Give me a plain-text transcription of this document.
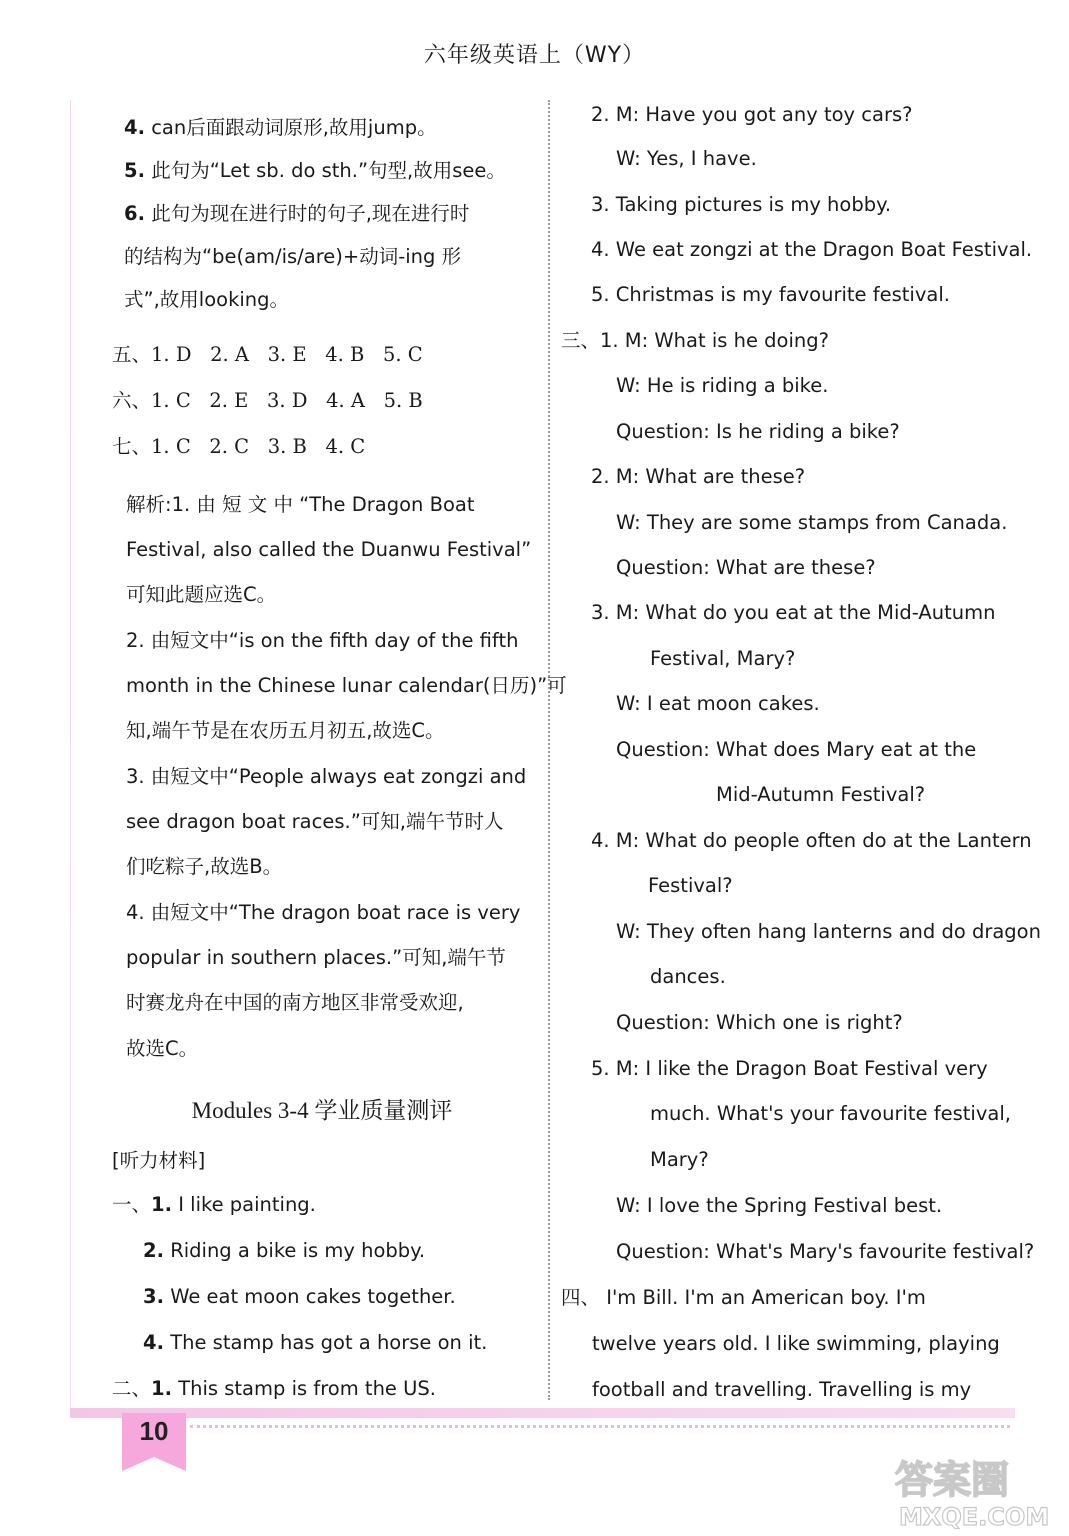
六年级英语上（WY）
4. can后面跟动词原形,故用jump。
5. 此句为“Let sb. do sth.”句型,故用see。
6. 此句为现在进行时的句子,现在进行时
的结构为“be(am/is/are)+动词-ing 形
式”,故用looking。
五、1. D 2. A 3. E 4. B 5. C
六、1. C 2. E 3. D 4. A 5. B
七、1. C 2. C 3. B 4. C
解析:1. 由 短 文 中 “The Dragon Boat
Festival, also called the Duanwu Festival”
可知此题应选C。
2. 由短文中“is on the fifth day of the fifth
month in the Chinese lunar calendar(日历)”可
知,端午节是在农历五月初五,故选C。
3. 由短文中“People always eat zongzi and
see dragon boat races.”可知,端午节时人
们吃粽子,故选B。
4. 由短文中“The dragon boat race is very
popular in southern places.”可知,端午节
时赛龙舟在中国的南方地区非常受欢迎,
故选C。
Modules 3-4 学业质量测评
[听力材料]
一、1. I like painting.
2. Riding a bike is my hobby.
3. We eat moon cakes together.
4. The stamp has got a horse on it.
二、1. This stamp is from the US.
2. M: Have you got any toy cars?
W: Yes, I have.
3. Taking pictures is my hobby.
4. We eat zongzi at the Dragon Boat Festival.
5. Christmas is my favourite festival.
三、1. M: What is he doing?
W: He is riding a bike.
Question: Is he riding a bike?
2. M: What are these?
W: They are some stamps from Canada.
Question: What are these?
3. M: What do you eat at the Mid-Autumn
Festival, Mary?
W: I eat moon cakes.
Question: What does Mary eat at the
Mid-Autumn Festival?
4. M: What do people often do at the Lantern
Festival?
W: They often hang lanterns and do dragon
dances.
Question: Which one is right?
5. M: I like the Dragon Boat Festival very
much. What's your favourite festival,
Mary?
W: I love the Spring Festival best.
Question: What's Mary's favourite festival?
四、 I'm Bill. I'm an American boy. I'm
twelve years old. I like swimming, playing
football and travelling. Travelling is my
10
答案圈
MXQE.COM
